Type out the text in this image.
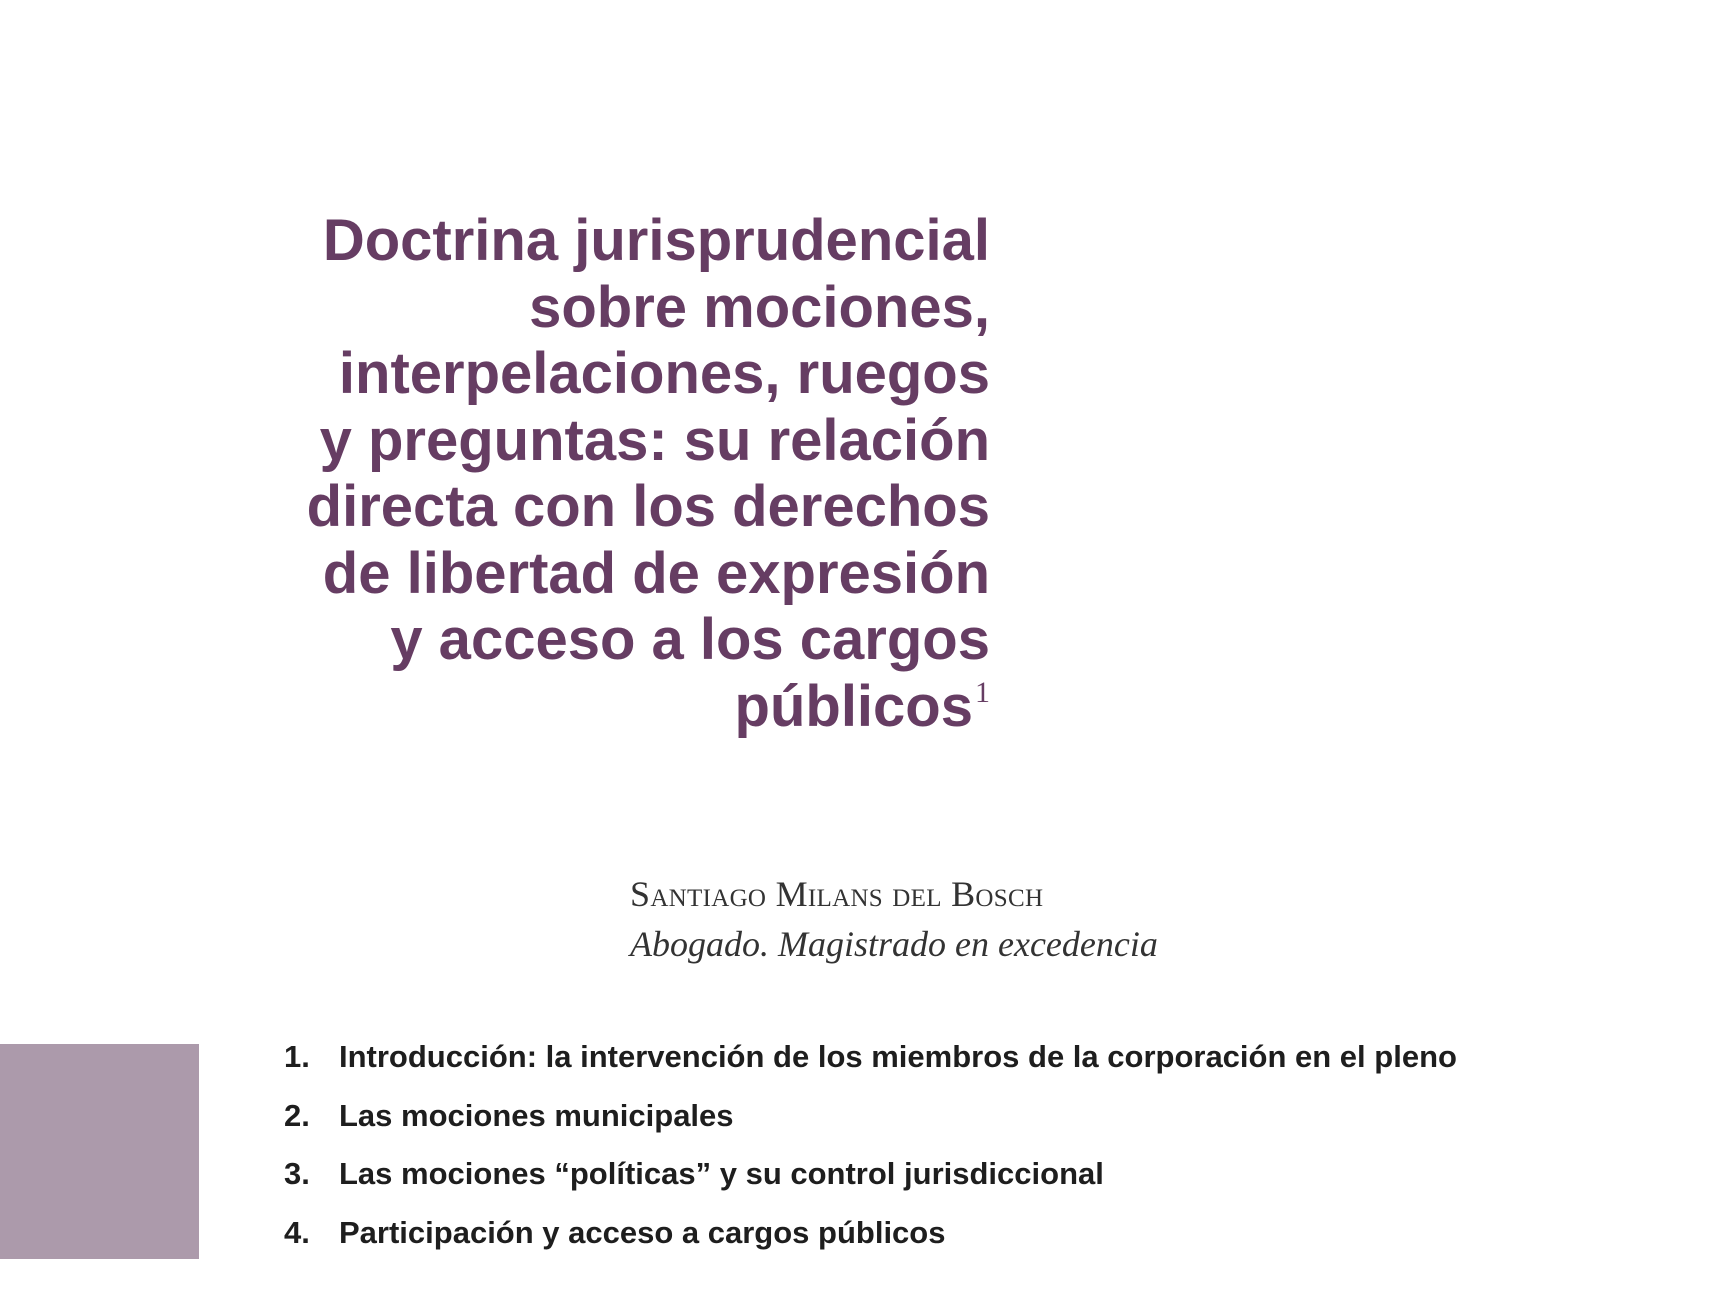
Doctrina jurisprudencial
sobre mociones,
interpelaciones, ruegos
y preguntas: su relación
directa con los derechos
de libertad de expresión
y acceso a los cargos
públicos$^1$
Santiago Milans del Bosch
Abogado. Magistrado en excedencia
1. Introducción: la intervención de los miembros de la corporación en el pleno
2. Las mociones municipales
3. Las mociones “políticas” y su control jurisdiccional
4. Participación y acceso a cargos públicos
